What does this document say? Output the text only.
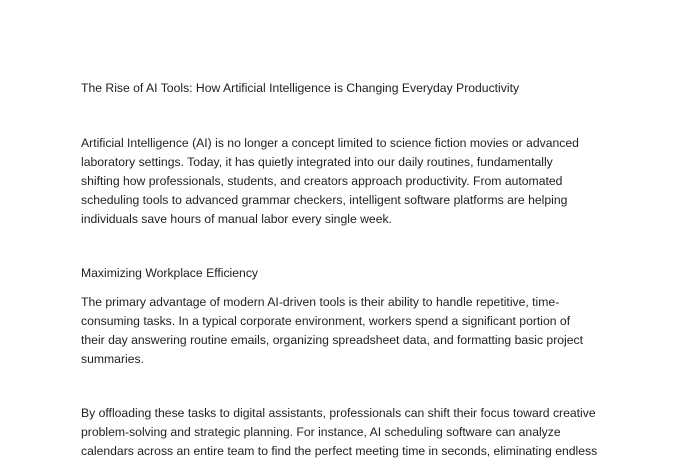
The Rise of AI Tools: How Artificial Intelligence is Changing Everyday Productivity
Artificial Intelligence (AI) is no longer a concept limited to science fiction movies or advanced
laboratory settings. Today, it has quietly integrated into our daily routines, fundamentally
shifting how professionals, students, and creators approach productivity. From automated
scheduling tools to advanced grammar checkers, intelligent software platforms are helping
individuals save hours of manual labor every single week.
Maximizing Workplace Efficiency
The primary advantage of modern AI-driven tools is their ability to handle repetitive, time-
consuming tasks. In a typical corporate environment, workers spend a significant portion of
their day answering routine emails, organizing spreadsheet data, and formatting basic project
summaries.
By offloading these tasks to digital assistants, professionals can shift their focus toward creative
problem-solving and strategic planning. For instance, AI scheduling software can analyze
calendars across an entire team to find the perfect meeting time in seconds, eliminating endless
